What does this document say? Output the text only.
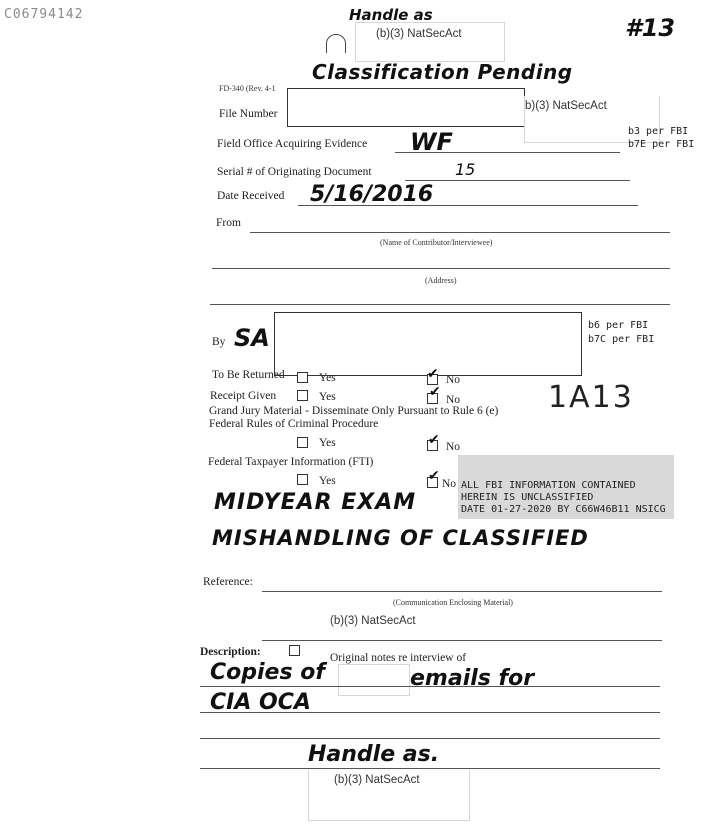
C06794142	Handle as
(b)(3) NatSecAct	#13
Classification Pending
FD-340 (Rev. 4-1
File Number
b)(3) NatSecAct
b3 per FBI
b7E per FBI
Field Office Acquiring Evidence WF
Serial # of Originating Document	15
Date Received 5/16/2016
From
(Name of Contributor/Interviewee)
(Address)
By SA	b6 per FBI
b7C per FBI
To Be Returned	Yes	✔ No
Receipt Given	Yes	✔ No	1A13
Grand Jury Material - Disseminate Only Pursuant to Rule 6 (e)
Federal Rules of Criminal Procedure
Yes	✔ No
Federal Taxpayer Information (FTI)
Yes	✔ No ALL FBI INFORMATION CONTAINED
HEREIN IS UNCLASSIFIED
DATE 01-27-2020 BY C66W46B11 NSICG
MIDYEAR EXAM
MISHANDLING OF CLASSIFIED
Reference:
(Communication Enclosing Material)
(b)(3) NatSecAct
Description:	Original notes re interview of
Copies of	emails for
CIA OCA
Handle as.
(b)(3) NatSecAct
